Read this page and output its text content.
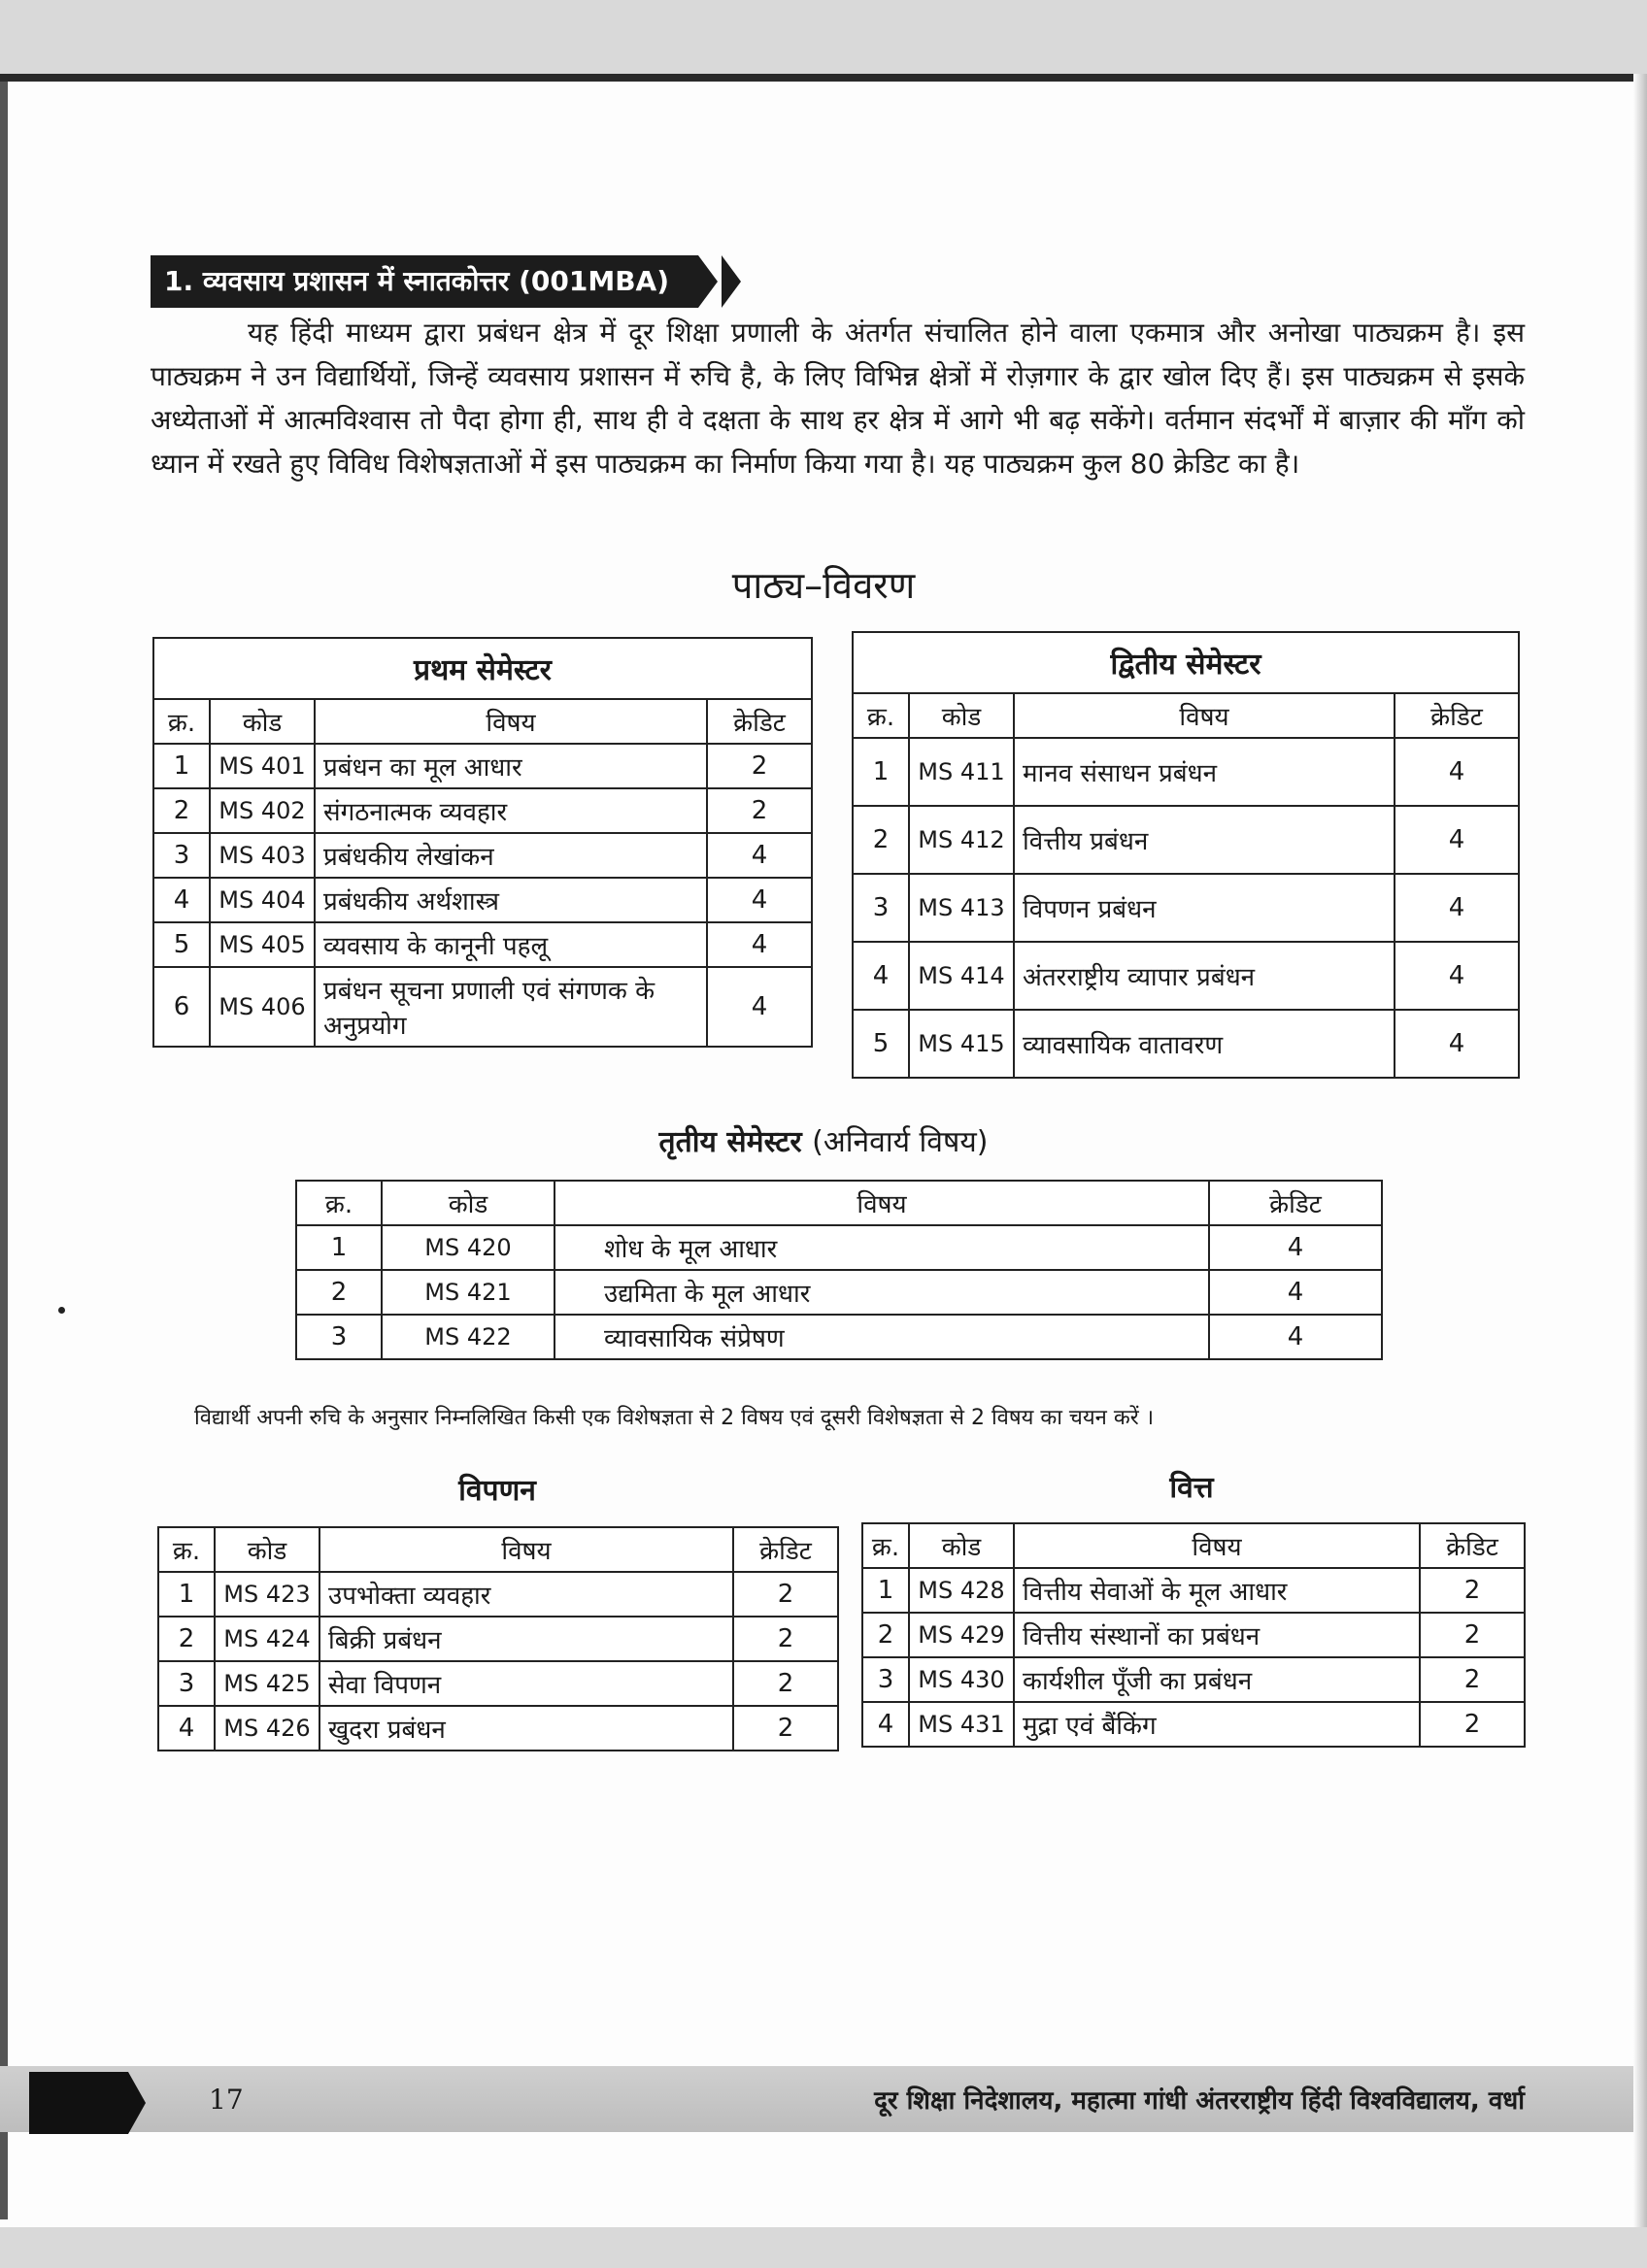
1. व्यवसाय प्रशासन में स्नातकोत्तर (001MBA)

यह हिंदी माध्यम द्वारा प्रबंधन क्षेत्र में दूर शिक्षा प्रणाली के अंतर्गत संचालित होने वाला एकमात्र और अनोखा पाठ्यक्रम है। इस पाठ्यक्रम ने उन विद्यार्थियों, जिन्हें व्यवसाय प्रशासन में रुचि है, के लिए विभिन्न क्षेत्रों में रोज़गार के द्वार खोल दिए हैं। इस पाठ्यक्रम से इसके अध्येताओं में आत्मविश्वास तो पैदा होगा ही, साथ ही वे दक्षता के साथ हर क्षेत्र में आगे भी बढ़ सकेंगे। वर्तमान संदर्भों में बाज़ार की माँग को ध्यान में रखते हुए विविध विशेषज्ञताओं में इस पाठ्यक्रम का निर्माण किया गया है। यह पाठ्यक्रम कुल 80 क्रेडिट का है।

पाठ्य–विवरण
प्रथम सेमेस्टर			
क्र.	कोड	विषय	क्रेडिट
1	MS 401	प्रबंधन का मूल आधार	2
2	MS 402	संगठनात्मक व्यवहार	2
3	MS 403	प्रबंधकीय लेखांकन	4
4	MS 404	प्रबंधकीय अर्थशास्त्र	4
5	MS 405	व्यवसाय के कानूनी पहलू	4
6	MS 406	प्रबंधन सूचना प्रणाली एवं संगणक के अनुप्रयोग	4
द्वितीय सेमेस्टर			
क्र.	कोड	विषय	क्रेडिट
1	MS 411	मानव संसाधन प्रबंधन	4
2	MS 412	वित्तीय प्रबंधन	4
3	MS 413	विपणन प्रबंधन	4
4	MS 414	अंतरराष्ट्रीय व्यापार प्रबंधन	4
5	MS 415	व्यावसायिक वातावरण	4
तृतीय सेमेस्टर (अनिवार्य विषय)
क्र.	कोड	विषय	क्रेडिट
1	MS 420	शोध के मूल आधार	4
2	MS 421	उद्यमिता के मूल आधार	4
3	MS 422	व्यावसायिक संप्रेषण	4

विद्यार्थी अपनी रुचि के अनुसार निम्नलिखित किसी एक विशेषज्ञता से 2 विषय एवं दूसरी विशेषज्ञता से 2 विषय का चयन करें ।

विपणन
क्र.	कोड	विषय	क्रेडिट
1	MS 423	उपभोक्ता व्यवहार	2
2	MS 424	बिक्री प्रबंधन	2
3	MS 425	सेवा विपणन	2
4	MS 426	खुदरा प्रबंधन	2
वित्त
क्र.	कोड	विषय	क्रेडिट
1	MS 428	वित्तीय सेवाओं के मूल आधार	2
2	MS 429	वित्तीय संस्थानों का प्रबंधन	2
3	MS 430	कार्यशील पूँजी का प्रबंधन	2
4	MS 431	मुद्रा एवं बैंकिंग	2

17	दूर शिक्षा निदेशालय, महात्मा गांधी अंतरराष्ट्रीय हिंदी विश्वविद्यालय, वर्धा
